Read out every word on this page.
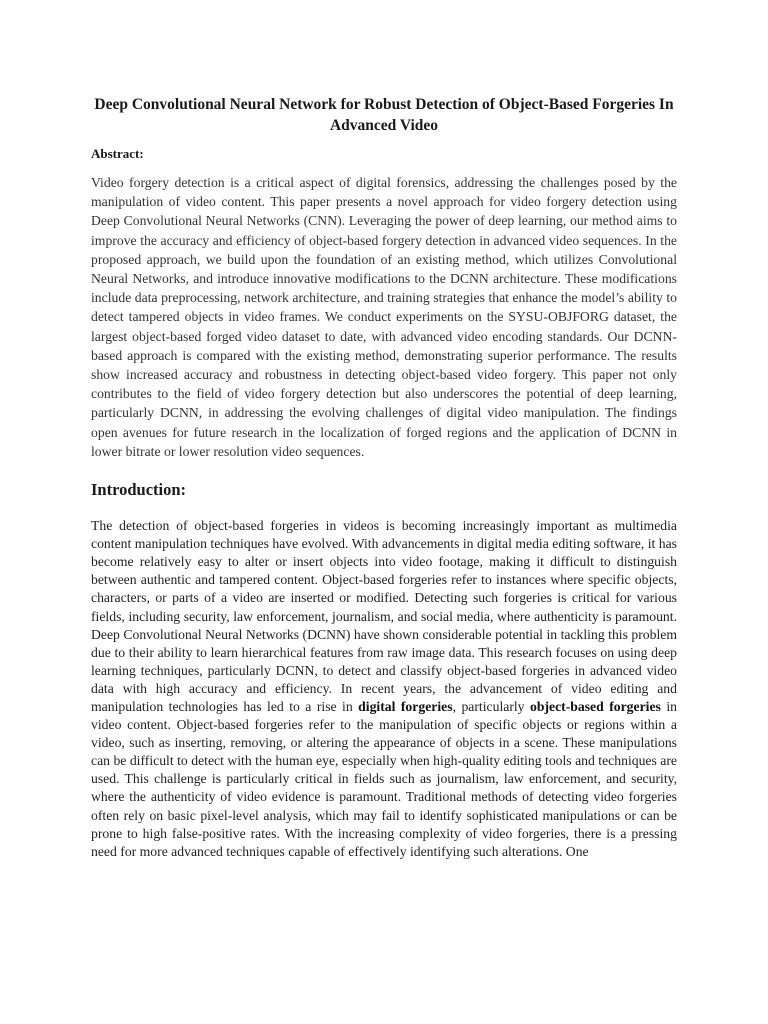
Deep Convolutional Neural Network for Robust Detection of Object-Based Forgeries In Advanced Video
Abstract:

Video forgery detection is a critical aspect of digital forensics, addressing the challenges posed by the manipulation of video content. This paper presents a novel approach for video forgery detection using Deep Convolutional Neural Networks (CNN). Leveraging the power of deep learning, our method aims to improve the accuracy and efficiency of object-based forgery detection in advanced video sequences. In the proposed approach, we build upon the foundation of an existing method, which utilizes Convolutional Neural Networks, and introduce innovative modifications to the DCNN architecture. These modifications include data preprocessing, network architecture, and training strategies that enhance the model’s ability to detect tampered objects in video frames. We conduct experiments on the SYSU-OBJFORG dataset, the largest object-based forged video dataset to date, with advanced video encoding standards. Our DCNN-based approach is compared with the existing method, demonstrating superior performance. The results show increased accuracy and robustness in detecting object-based video forgery. This paper not only contributes to the field of video forgery detection but also underscores the potential of deep learning, particularly DCNN, in addressing the evolving challenges of digital video manipulation. The findings open avenues for future research in the localization of forged regions and the application of DCNN in lower bitrate or lower resolution video sequences.

Introduction:

The detection of object-based forgeries in videos is becoming increasingly important as multimedia content manipulation techniques have evolved. With advancements in digital media editing software, it has become relatively easy to alter or insert objects into video footage, making it difficult to distinguish between authentic and tampered content. Object-based forgeries refer to instances where specific objects, characters, or parts of a video are inserted or modified. Detecting such forgeries is critical for various fields, including security, law enforcement, journalism, and social media, where authenticity is paramount. Deep Convolutional Neural Networks (DCNN) have shown considerable potential in tackling this problem due to their ability to learn hierarchical features from raw image data. This research focuses on using deep learning techniques, particularly DCNN, to detect and classify object-based forgeries in advanced video data with high accuracy and efficiency. In recent years, the advancement of video editing and manipulation technologies has led to a rise in digital forgeries, particularly object-based forgeries in video content. Object-based forgeries refer to the manipulation of specific objects or regions within a video, such as inserting, removing, or altering the appearance of objects in a scene. These manipulations can be difficult to detect with the human eye, especially when high-quality editing tools and techniques are used. This challenge is particularly critical in fields such as journalism, law enforcement, and security, where the authenticity of video evidence is paramount. Traditional methods of detecting video forgeries often rely on basic pixel-level analysis, which may fail to identify sophisticated manipulations or can be prone to high false-positive rates. With the increasing complexity of video forgeries, there is a pressing need for more advanced techniques capable of effectively identifying such alterations. One
